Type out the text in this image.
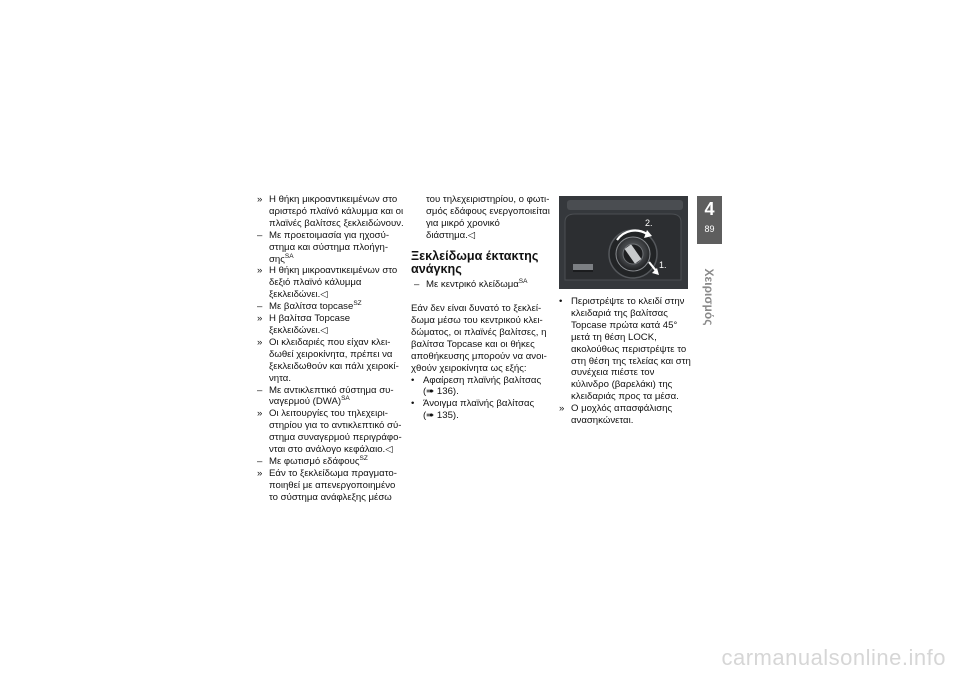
» Η θήκη μικροαντικειμένων στο αριστερό πλαϊνό κάλυμμα και οι πλαϊνές βαλίτσες ξεκλειδώνουν.

– Με προετοιμασία για ηχοσύστημα και σύστημα πλοήγησης$^{SA}$

» Η θήκη μικροαντικειμένων στο δεξιό πλαϊνό κάλυμμα ξεκλειδώνει.◁

– Με βαλίτσα topcase$^{SZ}$

» Η βαλίτσα Topcase ξεκλειδώνει.◁

» Οι κλειδαριές που είχαν κλειδωθεί χειροκίνητα, πρέπει να ξεκλειδωθούν και πάλι χειροκίνητα.

– Με αντικλεπτικό σύστημα συναγερμού (DWA)$^{SA}$

» Οι λειτουργίες του τηλεχειριστηρίου για το αντικλεπτικό σύστημα συναγερμού περιγράφονται στο ανάλογο κεφάλαιο.◁

– Με φωτισμό εδάφους$^{SZ}$

» Εάν το ξεκλείδωμα πραγματοποιηθεί με απενεργοποιημένο το σύστημα ανάφλεξης μέσω

του τηλεχειριστηρίου, ο φωτισμός εδάφους ενεργοποιείται για μικρό χρονικό διάστημα.◁

Ξεκλείδωμα έκτακτης ανάγκης

– Με κεντρικό κλείδωμα$^{SA}$

Εάν δεν είναι δυνατό το ξεκλείδωμα μέσω του κεντρικού κλειδώματος, οι πλαϊνές βαλίτσες, η βαλίτσα Topcase και οι θήκες αποθήκευσης μπορούν να ανοιχθούν χειροκίνητα ως εξής:

• Αφαίρεση πλαϊνής βαλίτσας
(➠ 136).

• Άνοιγμα πλαϊνής βαλίτσας
(➠ 135).

2.
1.

• Περιστρέψτε το κλειδί στην κλειδαριά της βαλίτσας Topcase πρώτα κατά 45° μετά τη θέση LOCK, ακολούθως περιστρέψτε το στη θέση της τελείας και στη συνέχεια πιέστε τον κύλινδρο (βαρελάκι) της κλειδαριάς προς τα μέσα.

» Ο μοχλός απασφάλισης ανασηκώνεται.

4
89
Χειρισμός
carmanualsonline.info
